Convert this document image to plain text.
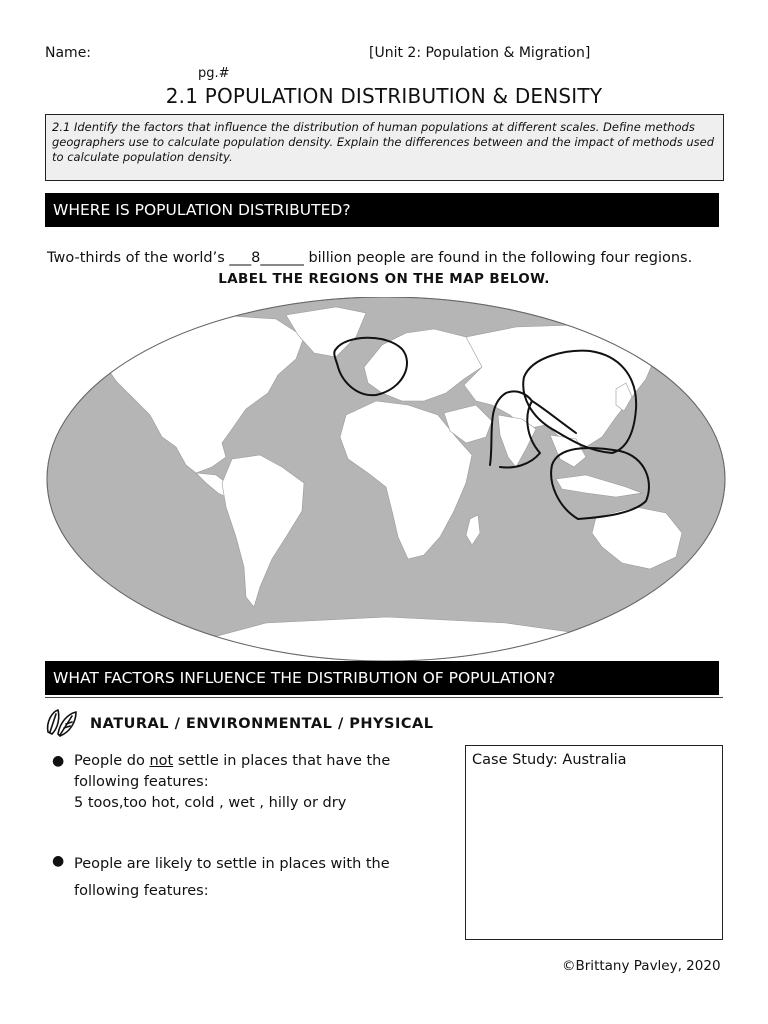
Name:	[Unit 2: Population & Migration]
pg.#
2.1 POPULATION DISTRIBUTION & DENSITY
2.1 Identify the factors that influence the distribution of human populations at different scales. Define methods geographers use to calculate population density. Explain the differences between and the impact of methods used to calculate population density.
WHERE IS POPULATION DISTRIBUTED?
Two-thirds of the world’s ___8______ billion people are found in the following four regions.
LABEL THE REGIONS ON THE MAP BELOW.
WHAT FACTORS INFLUENCE THE DISTRIBUTION OF POPULATION?
NATURAL / ENVIRONMENTAL / PHYSICAL
● People do not settle in places that have the following features:
5 toos,too hot, cold , wet , hilly or dry
● People are likely to settle in places with the following features:
Case Study: Australia
©Brittany Pavley, 2020
